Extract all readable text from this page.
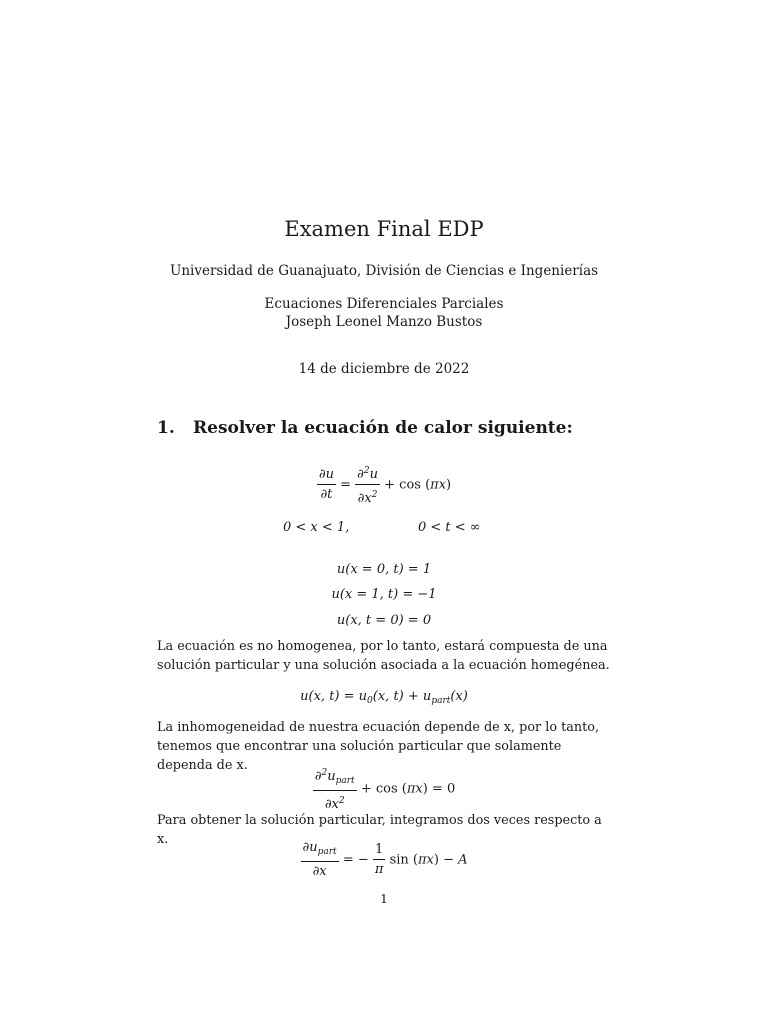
Examen Final EDP
Universidad de Guanajuato, División de Ciencias e Ingenierías
Ecuaciones Diferenciales Parciales
Joseph Leonel Manzo Bustos
14 de diciembre de 2022
1. Resolver la ecuación de calor siguiente:
$\frac{\partial u}{\partial t} = \frac{\partial^2u}{\partial x^2} + \cos (\pi x)$
0 < x < 1,	0 < t < ∞
u(x = 0, t) = 1
u(x = 1, t) = −1
u(x, t = 0) = 0
La ecuación es no homogenea, por lo tanto, estará compuesta de una solución particular y una solución asociada a la ecuación homegénea.
u(x, $t) = u_0(x$, $t) + u_{part}(x)$
La inhomogeneidad de nuestra ecuación depende de x, por lo tanto, tenemos que encontrar una solución particular que solamente dependa de x.	$\frac{\partial^2u_{part}}{\partial x^2} + \cos (\pi x) = 0$
Para obtener la solución particular, integramos dos veces respecto a x.
$\frac{\partial u_{part}}{\partial x}$ = − $\frac{1}{\pi}$ sin (πx) − A
1
